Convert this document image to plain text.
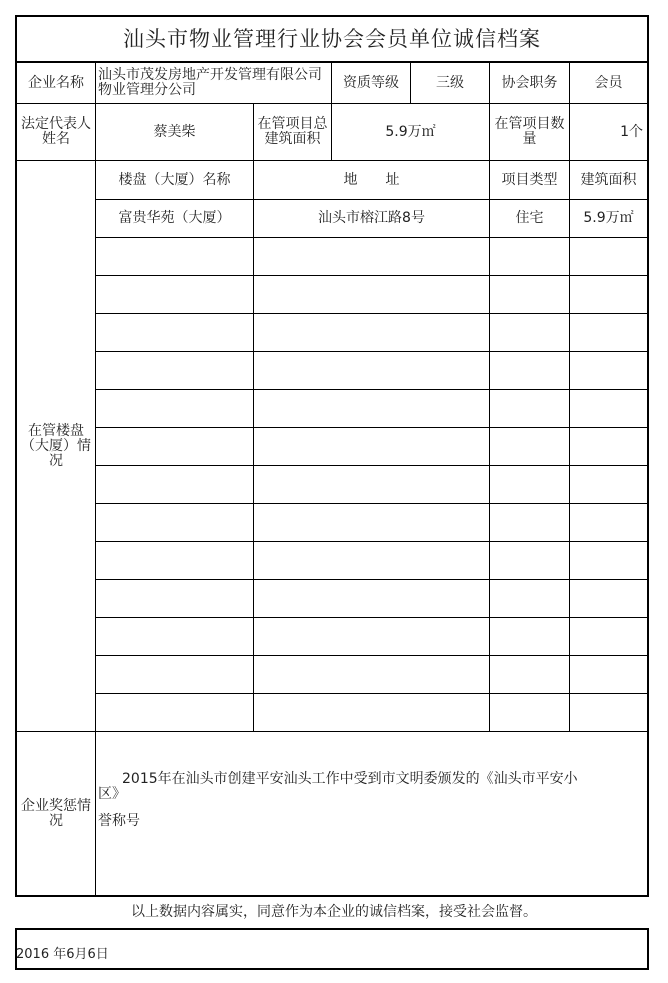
汕头市物业管理行业协会会员单位诚信档案
企业名称	汕头市茂发房地产开发管理有限公司物业管理分公司	资质等级	三级	协会职务	会员
法定代表人姓名	蔡美柴	在管项目总建筑面积	5.9万㎡	在管项目数量	1个
在管楼盘（大厦）情况
楼盘（大厦）名称	地　　址	项目类型	建筑面积
富贵华苑（大厦）	汕头市榕江路8号	住宅	5.9万㎡
企业奖惩情况
2015年在汕头市创建平安汕头工作中受到市文明委颁发的《汕头市平安小
区》
誉称号
以上数据内容属实，同意作为本企业的诚信档案，接受社会监督。
2016 年6月6日
